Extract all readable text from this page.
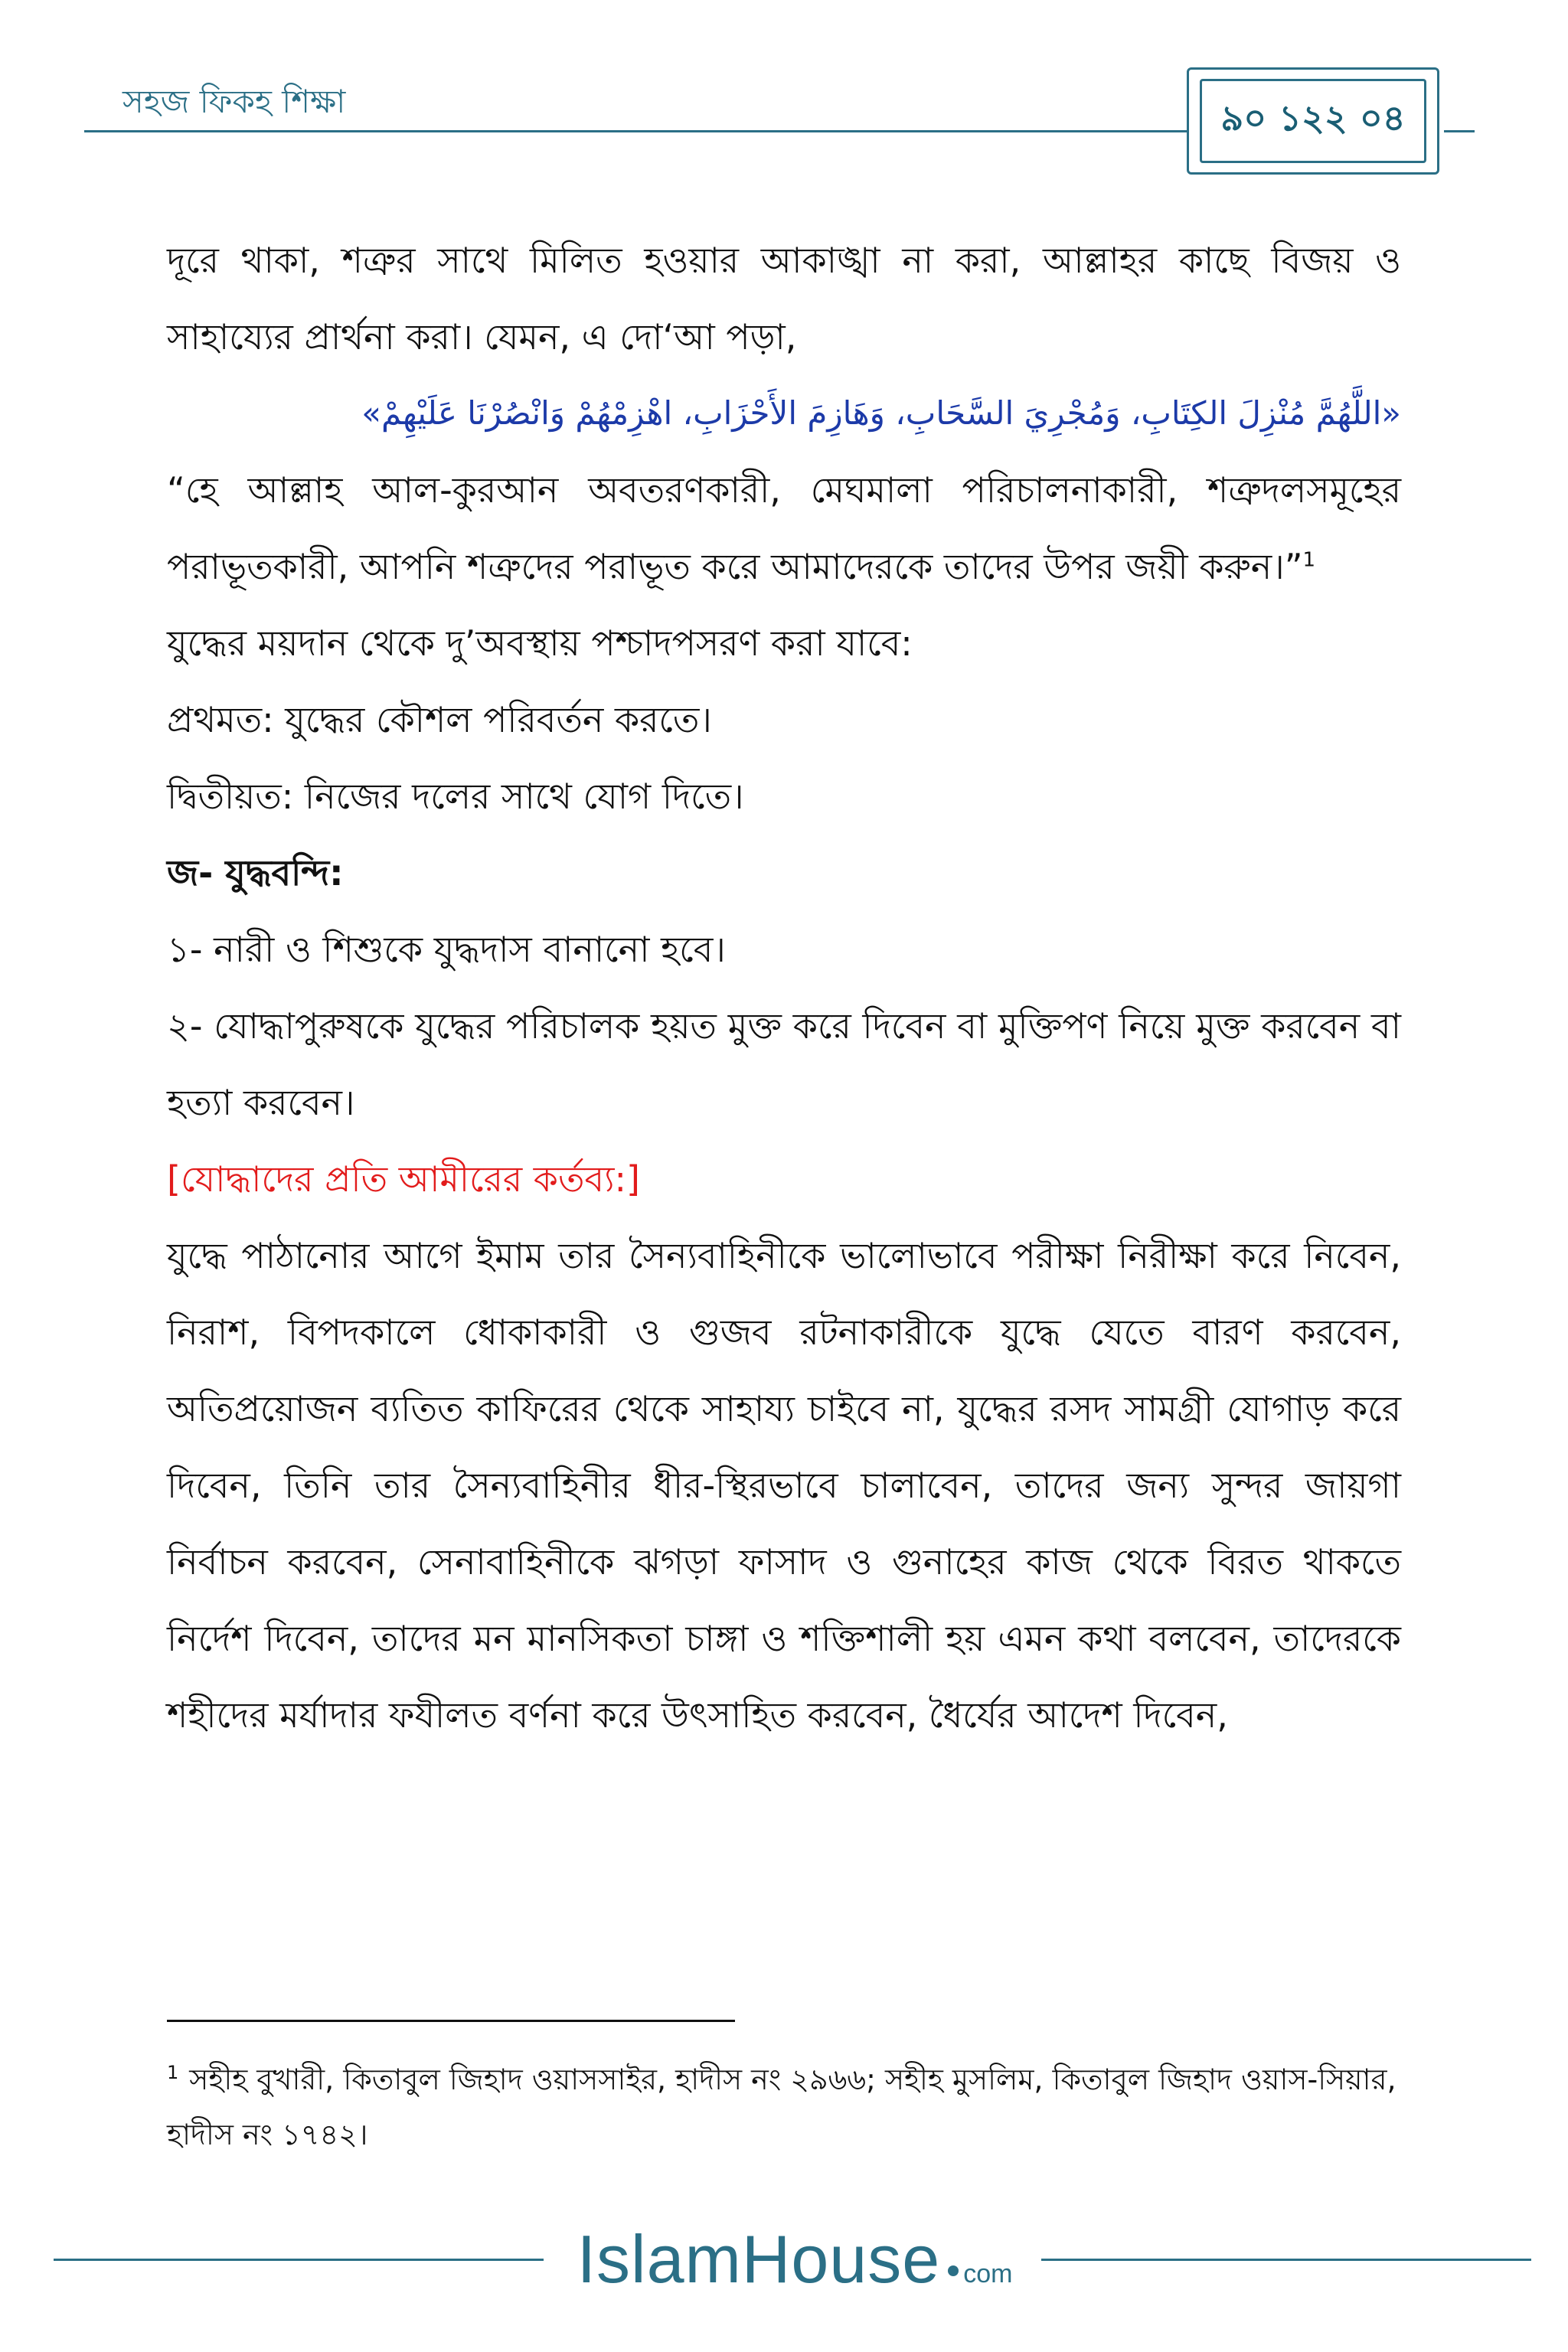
সহজ ফিকহ শিক্ষা	৯০ ১২২ ০৪

দূরে থাকা, শত্রুর সাথে মিলিত হওয়ার আকাঙ্খা না করা, আল্লাহর কাছে বিজয় ও সাহায্যের প্রার্থনা করা। যেমন, এ দো‘আ পড়া,

«اللَّهُمَّ مُنْزِلَ الكِتَابِ، وَمُجْرِيَ السَّحَابِ، وَهَازِمَ الأَحْزَابِ، اهْزِمْهُمْ وَانْصُرْنَا عَلَيْهِمْ»

“হে আল্লাহ আল-কুরআন অবতরণকারী, মেঘমালা পরিচালনাকারী, শত্রুদলসমূহের পরাভূতকারী, আপনি শত্রুদের পরাভূত করে আমাদেরকে তাদের উপর জয়ী করুন।”$^1$

যুদ্ধের ময়দান থেকে দু’অবস্থায় পশ্চাদপসরণ করা যাবে:

প্রথমত: যুদ্ধের কৌশল পরিবর্তন করতে।

দ্বিতীয়ত: নিজের দলের সাথে যোগ দিতে।

জ- যুদ্ধবন্দি:

১- নারী ও শিশুকে যুদ্ধদাস বানানো হবে।

২- যোদ্ধাপুরুষকে যুদ্ধের পরিচালক হয়ত মুক্ত করে দিবেন বা মুক্তিপণ নিয়ে মুক্ত করবেন বা হত্যা করবেন।

[যোদ্ধাদের প্রতি আমীরের কর্তব্য:]

যুদ্ধে পাঠানোর আগে ইমাম তার সৈন্যবাহিনীকে ভালোভাবে পরীক্ষা নিরীক্ষা করে নিবেন, নিরাশ, বিপদকালে ধোকাকারী ও গুজব রটনাকারীকে যুদ্ধে যেতে বারণ করবেন, অতিপ্রয়োজন ব্যতিত কাফিরের থেকে সাহায্য চাইবে না, যুদ্ধের রসদ সামগ্রী যোগাড় করে দিবেন, তিনি তার সৈন্যবাহিনীর ধীর-স্থিরভাবে চালাবেন, তাদের জন্য সুন্দর জায়গা নির্বাচন করবেন, সেনাবাহিনীকে ঝগড়া ফাসাদ ও গুনাহের কাজ থেকে বিরত থাকতে নির্দেশ দিবেন, তাদের মন মানসিকতা চাঙ্গা ও শক্তিশালী হয় এমন কথা বলবেন, তাদেরকে শহীদের মর্যাদার ফযীলত বর্ণনা করে উৎসাহিত করবেন, ধৈর্যের আদেশ দিবেন,

$^1$ সহীহ বুখারী, কিতাবুল জিহাদ ওয়াসসাইর, হাদীস নং ২৯৬৬; সহীহ মুসলিম, কিতাবুল জিহাদ ওয়াস-সিয়ার, হাদীস নং ১৭৪২।
IslamHouse com
